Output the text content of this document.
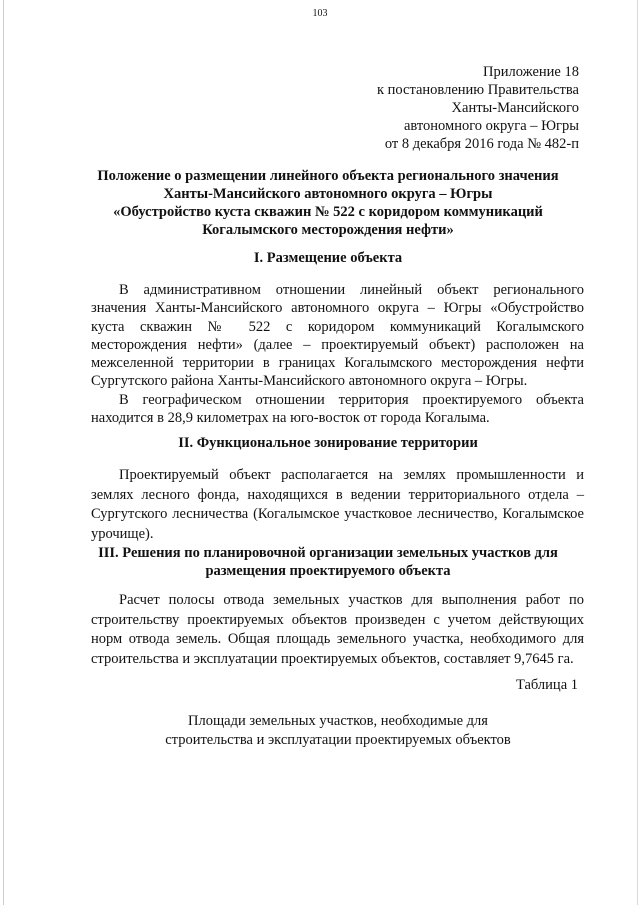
103
Приложение 18
к постановлению Правительства
Ханты-Мансийского
автономного округа – Югры
от 8 декабря 2016 года № 482-п
Положение о размещении линейного объекта регионального значения
Ханты-Мансийского автономного округа – Югры
«Обустройство куста скважин № 522 с коридором коммуникаций
Когалымского месторождения нефти»
I. Размещение объекта

В административном отношении линейный объект регионального значения Ханты-Мансийского автономного округа – Югры «Обустройство куста скважин № 522 с коридором коммуникаций Когалымского месторождения нефти» (далее – проектируемый объект) расположен на межселенной территории в границах Когалымского месторождения нефти Сургутского района Ханты-Мансийского автономного округа – Югры.

В географическом отношении территория проектируемого объекта находится в 28,9 километрах на юго-восток от города Когалыма.

II. Функциональное зонирование территории

Проектируемый объект располагается на землях промышленности и землях лесного фонда, находящихся в ведении территориального отдела – Сургутского лесничества (Когалымское участковое лесничество, Когалымское урочище).

III. Решения по планировочной организации земельных участков для
размещения проектируемого объекта

Расчет полосы отвода земельных участков для выполнения работ по строительству проектируемых объектов произведен с учетом действующих норм отвода земель. Общая площадь земельного участка, необходимого для строительства и эксплуатации проектируемых объектов, составляет 9,7645 га.

Таблица 1
Площади земельных участков, необходимые для
строительства и эксплуатации проектируемых объектов
